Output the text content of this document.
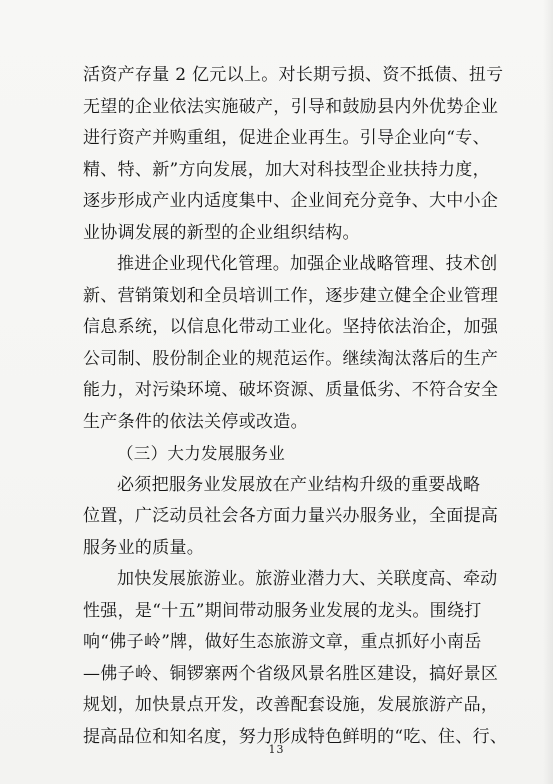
活资产存量 2 亿元以上。对长期亏损、资不抵债、扭亏
无望的企业依法实施破产，引导和鼓励县内外优势企业
进行资产并购重组，促进企业再生。引导企业向“专、
精、特、新”方向发展，加大对科技型企业扶持力度，
逐步形成产业内适度集中、企业间充分竞争、大中小企
业协调发展的新型的企业组织结构。
推进企业现代化管理。加强企业战略管理、技术创
新、营销策划和全员培训工作，逐步建立健全企业管理
信息系统，以信息化带动工业化。坚持依法治企，加强
公司制、股份制企业的规范运作。继续淘汰落后的生产
能力，对污染环境、破坏资源、质量低劣、不符合安全
生产条件的依法关停或改造。
（三）大力发展服务业
必须把服务业发展放在产业结构升级的重要战略
位置，广泛动员社会各方面力量兴办服务业，全面提高
服务业的质量。
加快发展旅游业。旅游业潜力大、关联度高、牵动
性强，是“十五”期间带动服务业发展的龙头。围绕打
响“佛子岭”牌，做好生态旅游文章，重点抓好小南岳
—佛子岭、铜锣寨两个省级风景名胜区建设，搞好景区
规划，加快景点开发，改善配套设施，发展旅游产品，
提高品位和知名度，努力形成特色鲜明的“吃、住、行、
13
